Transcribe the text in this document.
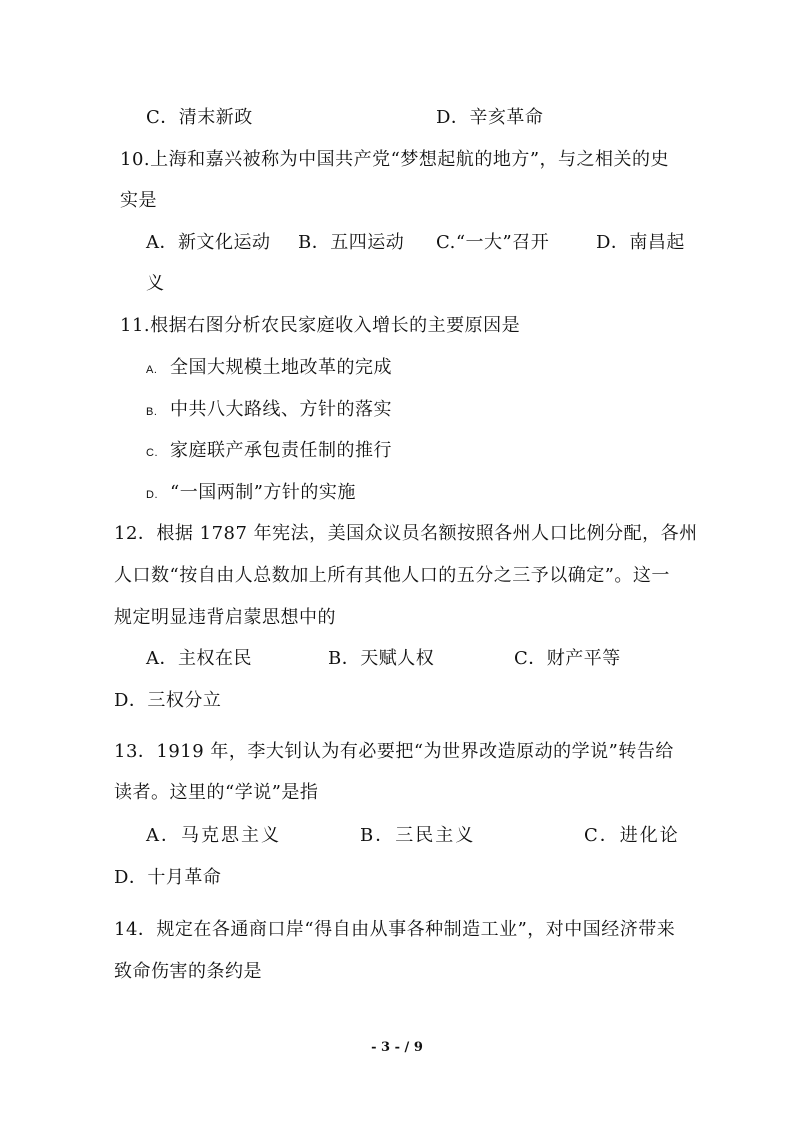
C．清末新政	D．辛亥革命
10.上海和嘉兴被称为中国共产党“梦想起航的地方”，与之相关的史
实是
A．新文化运动 B．五四运动 C.“一大”召开	D．南昌起
义
11.根据右图分析农民家庭收入增长的主要原因是
A. 全国大规模土地改革的完成
B. 中共八大路线、方针的落实
C. 家庭联产承包责任制的推行
D. “一国两制”方针的实施
12．根据 1787 年宪法，美国众议员名额按照各州人口比例分配，各州
人口数“按自由人总数加上所有其他人口的五分之三予以确定”。这一
规定明显违背启蒙思想中的
A．主权在民	B．天赋人权	C．财产平等
D．三权分立
13．1919 年，李大钊认为有必要把“为世界改造原动的学说”转告给
读者。这里的“学说”是指
A．马克思主义	B．三民主义	C．进化论
D．十月革命
14．规定在各通商口岸“得自由从事各种制造工业”，对中国经济带来
致命伤害的条约是
- 3 - / 9
